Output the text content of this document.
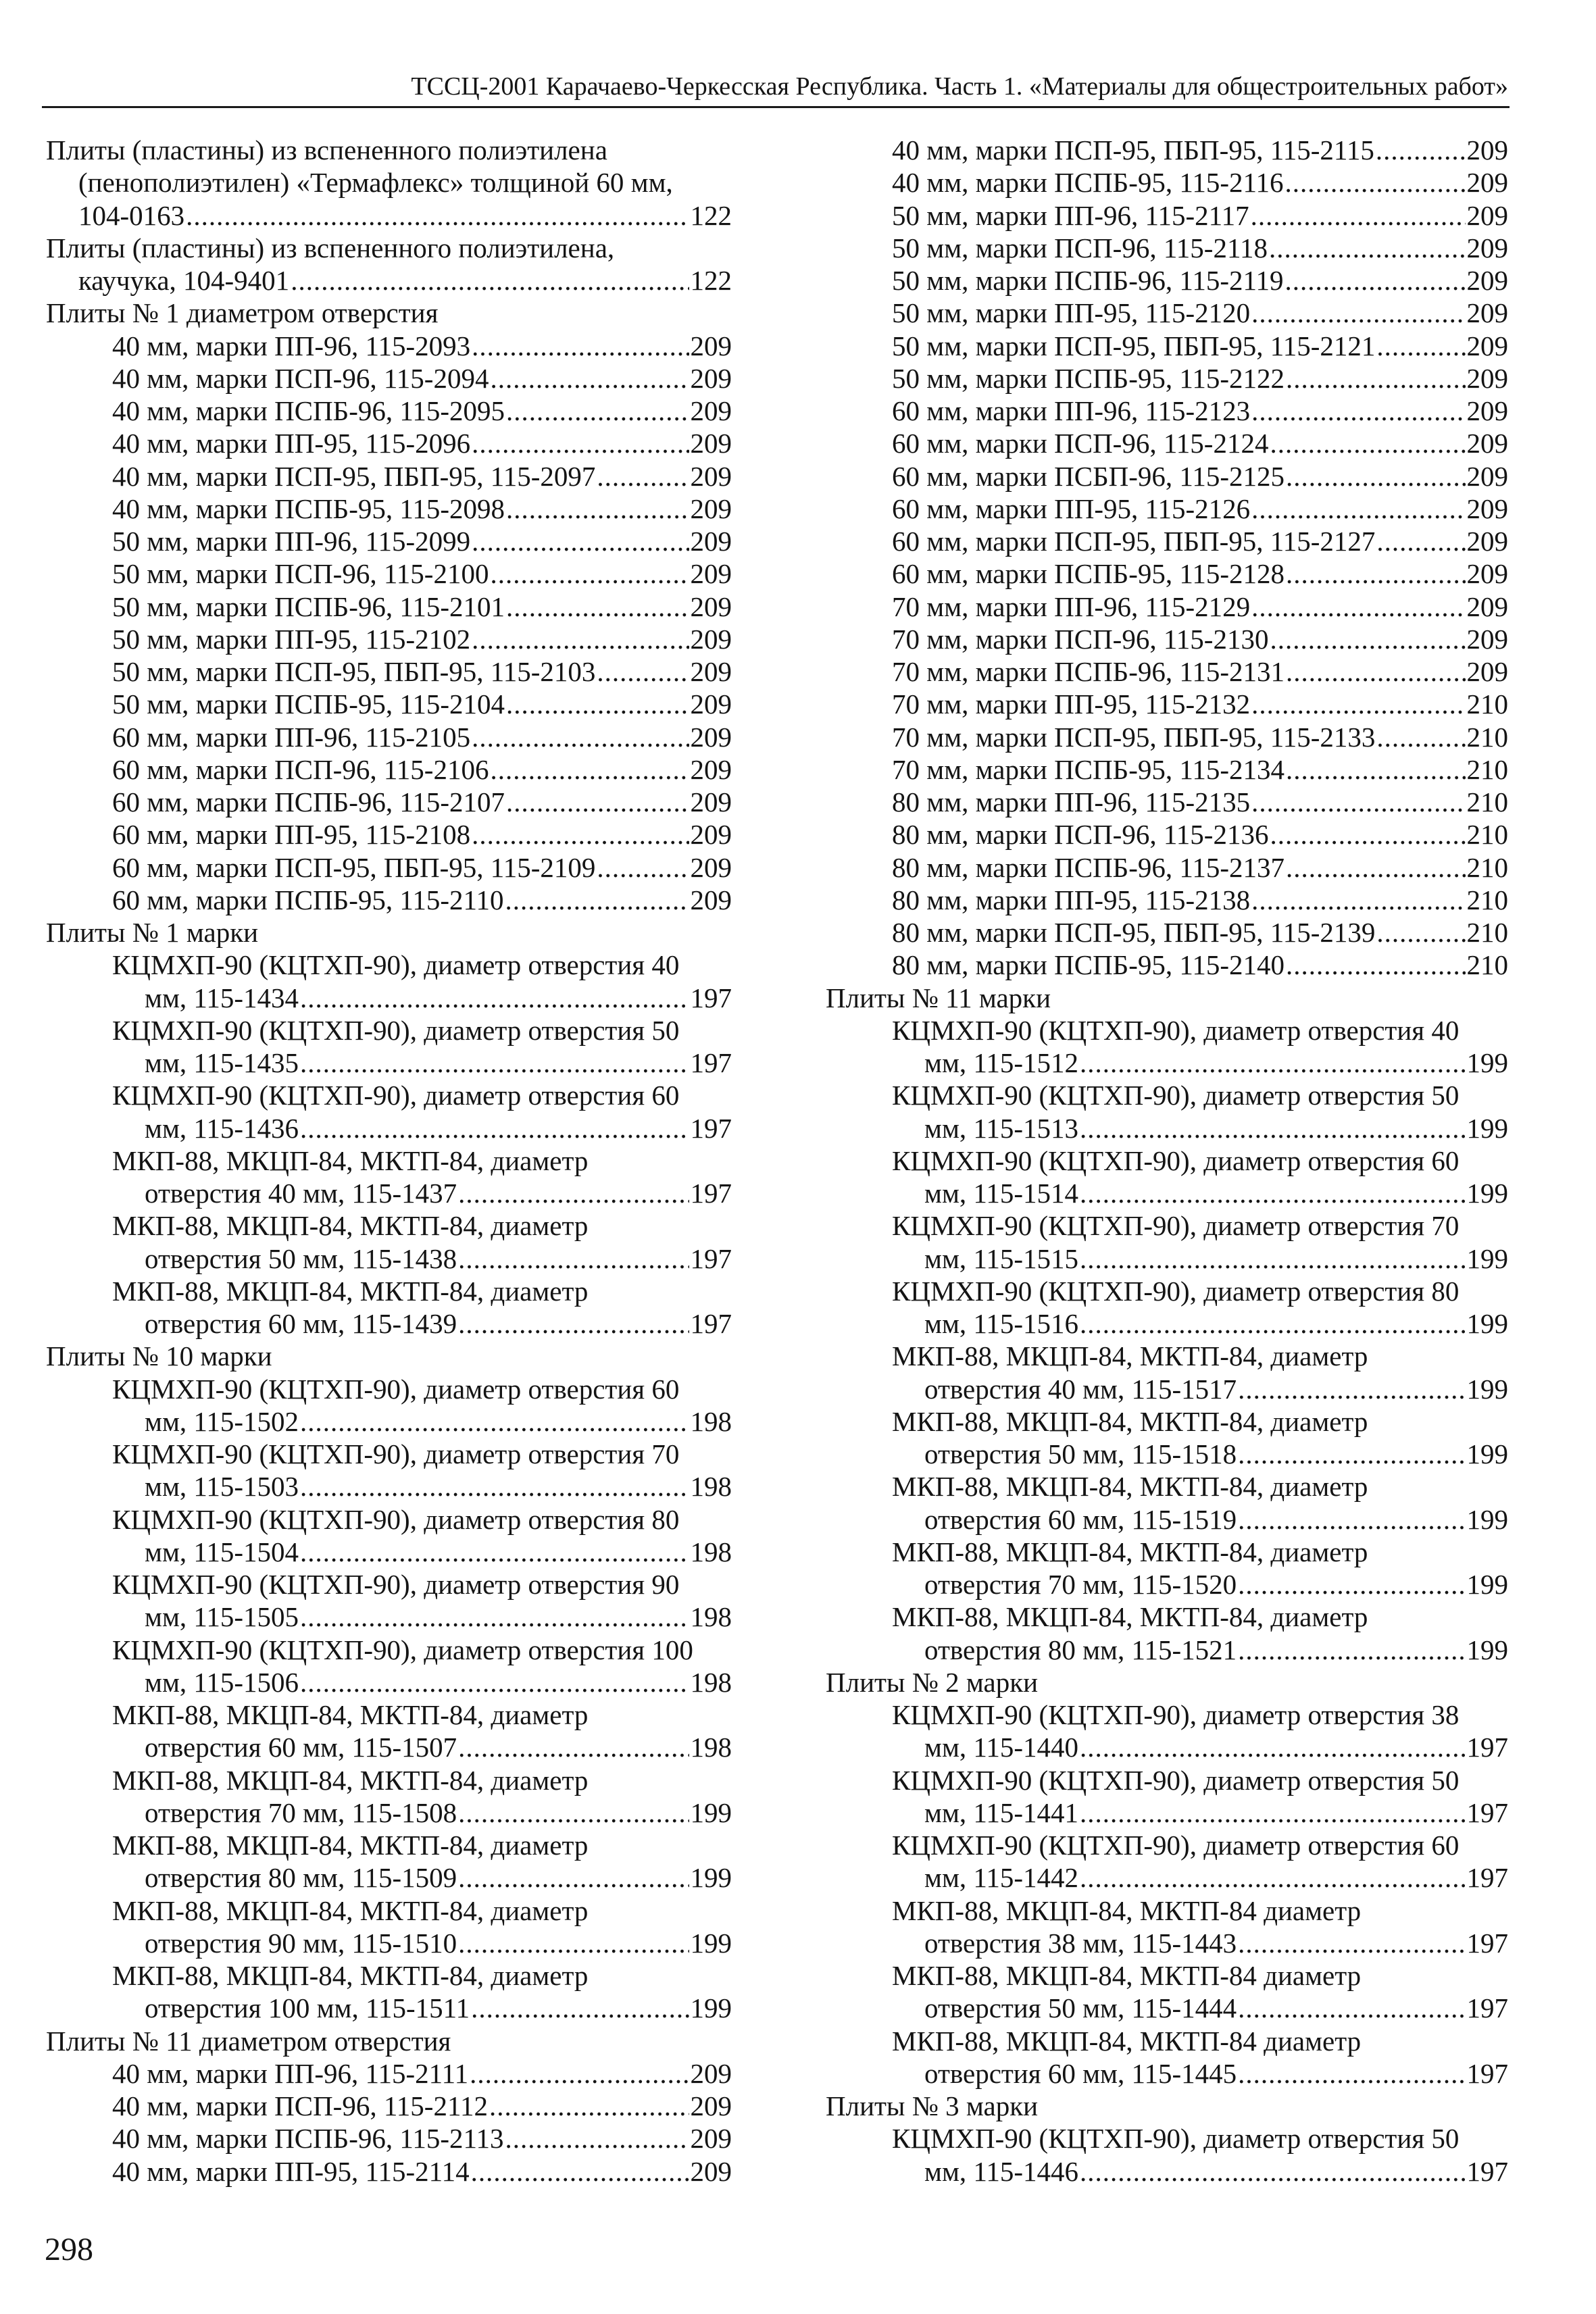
ТССЦ-2001 Карачаево-Черкесская Республика. Часть 1. «Материалы для общестроительных работ»
Плиты (пластины) из вспененного полиэтилена
(пенополиэтилен) «Термафлекс» толщиной 60 мм,
104-0163 .....	122
Плиты (пластины) из вспененного полиэтилена,
каучука, 104-9401 .....	122
Плиты № 1 диаметром отверстия
40 мм, марки ПП-96, 115-2093 .....	209
40 мм, марки ПСП-96, 115-2094 .....	209
40 мм, марки ПСПБ-96, 115-2095 .....	209
40 мм, марки ПП-95, 115-2096 .....	209
40 мм, марки ПСП-95, ПБП-95, 115-2097 .....	209
40 мм, марки ПСПБ-95, 115-2098 .....	209
50 мм, марки ПП-96, 115-2099 .....	209
50 мм, марки ПСП-96, 115-2100 .....	209
50 мм, марки ПСПБ-96, 115-2101 .....	209
50 мм, марки ПП-95, 115-2102 .....	209
50 мм, марки ПСП-95, ПБП-95, 115-2103 .....	209
50 мм, марки ПСПБ-95, 115-2104 .....	209
60 мм, марки ПП-96, 115-2105 .....	209
60 мм, марки ПСП-96, 115-2106 .....	209
60 мм, марки ПСПБ-96, 115-2107 .....	209
60 мм, марки ПП-95, 115-2108 .....	209
60 мм, марки ПСП-95, ПБП-95, 115-2109 .....	209
60 мм, марки ПСПБ-95, 115-2110 .....	209
Плиты № 1 марки
КЦМХП-90 (КЦТХП-90), диаметр отверстия 40
мм, 115-1434 .....	197
КЦМХП-90 (КЦТХП-90), диаметр отверстия 50
мм, 115-1435 .....	197
КЦМХП-90 (КЦТХП-90), диаметр отверстия 60
мм, 115-1436 .....	197
МКП-88, МКЦП-84, МКТП-84, диаметр
отверстия 40 мм, 115-1437 .....	197
МКП-88, МКЦП-84, МКТП-84, диаметр
отверстия 50 мм, 115-1438 .....	197
МКП-88, МКЦП-84, МКТП-84, диаметр
отверстия 60 мм, 115-1439 .....	197
Плиты № 10 марки
КЦМХП-90 (КЦТХП-90), диаметр отверстия 60
мм, 115-1502 .....	198
КЦМХП-90 (КЦТХП-90), диаметр отверстия 70
мм, 115-1503 .....	198
КЦМХП-90 (КЦТХП-90), диаметр отверстия 80
мм, 115-1504 .....	198
КЦМХП-90 (КЦТХП-90), диаметр отверстия 90
мм, 115-1505 .....	198
КЦМХП-90 (КЦТХП-90), диаметр отверстия 100
мм, 115-1506 .....	198
МКП-88, МКЦП-84, МКТП-84, диаметр
отверстия 60 мм, 115-1507 .....	198
МКП-88, МКЦП-84, МКТП-84, диаметр
отверстия 70 мм, 115-1508 .....	199
МКП-88, МКЦП-84, МКТП-84, диаметр
отверстия 80 мм, 115-1509 .....	199
МКП-88, МКЦП-84, МКТП-84, диаметр
отверстия 90 мм, 115-1510 .....	199
МКП-88, МКЦП-84, МКТП-84, диаметр
отверстия 100 мм, 115-1511 .....	199
Плиты № 11 диаметром отверстия
40 мм, марки ПП-96, 115-2111 .....	209
40 мм, марки ПСП-96, 115-2112 .....	209
40 мм, марки ПСПБ-96, 115-2113 .....	209
40 мм, марки ПП-95, 115-2114 .....	209
40 мм, марки ПСП-95, ПБП-95, 115-2115 .....	209
40 мм, марки ПСПБ-95, 115-2116 .....	209
50 мм, марки ПП-96, 115-2117 .....	209
50 мм, марки ПСП-96, 115-2118 .....	209
50 мм, марки ПСПБ-96, 115-2119 .....	209
50 мм, марки ПП-95, 115-2120 .....	209
50 мм, марки ПСП-95, ПБП-95, 115-2121 .....	209
50 мм, марки ПСПБ-95, 115-2122 .....	209
60 мм, марки ПП-96, 115-2123 .....	209
60 мм, марки ПСП-96, 115-2124 .....	209
60 мм, марки ПСБП-96, 115-2125 .....	209
60 мм, марки ПП-95, 115-2126 .....	209
60 мм, марки ПСП-95, ПБП-95, 115-2127 .....	209
60 мм, марки ПСПБ-95, 115-2128 .....	209
70 мм, марки ПП-96, 115-2129 .....	209
70 мм, марки ПСП-96, 115-2130 .....	209
70 мм, марки ПСПБ-96, 115-2131 .....	209
70 мм, марки ПП-95, 115-2132 .....	210
70 мм, марки ПСП-95, ПБП-95, 115-2133 .....	210
70 мм, марки ПСПБ-95, 115-2134 .....	210
80 мм, марки ПП-96, 115-2135 .....	210
80 мм, марки ПСП-96, 115-2136 .....	210
80 мм, марки ПСПБ-96, 115-2137 .....	210
80 мм, марки ПП-95, 115-2138 .....	210
80 мм, марки ПСП-95, ПБП-95, 115-2139 .....	210
80 мм, марки ПСПБ-95, 115-2140 .....	210
Плиты № 11 марки
КЦМХП-90 (КЦТХП-90), диаметр отверстия 40
мм, 115-1512 .....	199
КЦМХП-90 (КЦТХП-90), диаметр отверстия 50
мм, 115-1513 .....	199
КЦМХП-90 (КЦТХП-90), диаметр отверстия 60
мм, 115-1514 .....	199
КЦМХП-90 (КЦТХП-90), диаметр отверстия 70
мм, 115-1515 .....	199
КЦМХП-90 (КЦТХП-90), диаметр отверстия 80
мм, 115-1516 .....	199
МКП-88, МКЦП-84, МКТП-84, диаметр
отверстия 40 мм, 115-1517 .....	199
МКП-88, МКЦП-84, МКТП-84, диаметр
отверстия 50 мм, 115-1518 .....	199
МКП-88, МКЦП-84, МКТП-84, диаметр
отверстия 60 мм, 115-1519 .....	199
МКП-88, МКЦП-84, МКТП-84, диаметр
отверстия 70 мм, 115-1520 .....	199
МКП-88, МКЦП-84, МКТП-84, диаметр
отверстия 80 мм, 115-1521 .....	199
Плиты № 2 марки
КЦМХП-90 (КЦТХП-90), диаметр отверстия 38
мм, 115-1440 .....	197
КЦМХП-90 (КЦТХП-90), диаметр отверстия 50
мм, 115-1441 .....	197
КЦМХП-90 (КЦТХП-90), диаметр отверстия 60
мм, 115-1442 .....	197
МКП-88, МКЦП-84, МКТП-84 диаметр
отверстия 38 мм, 115-1443 .....	197
МКП-88, МКЦП-84, МКТП-84 диаметр
отверстия 50 мм, 115-1444 .....	197
МКП-88, МКЦП-84, МКТП-84 диаметр
отверстия 60 мм, 115-1445 .....	197
Плиты № 3 марки
КЦМХП-90 (КЦТХП-90), диаметр отверстия 50
мм, 115-1446 .....	197
298
